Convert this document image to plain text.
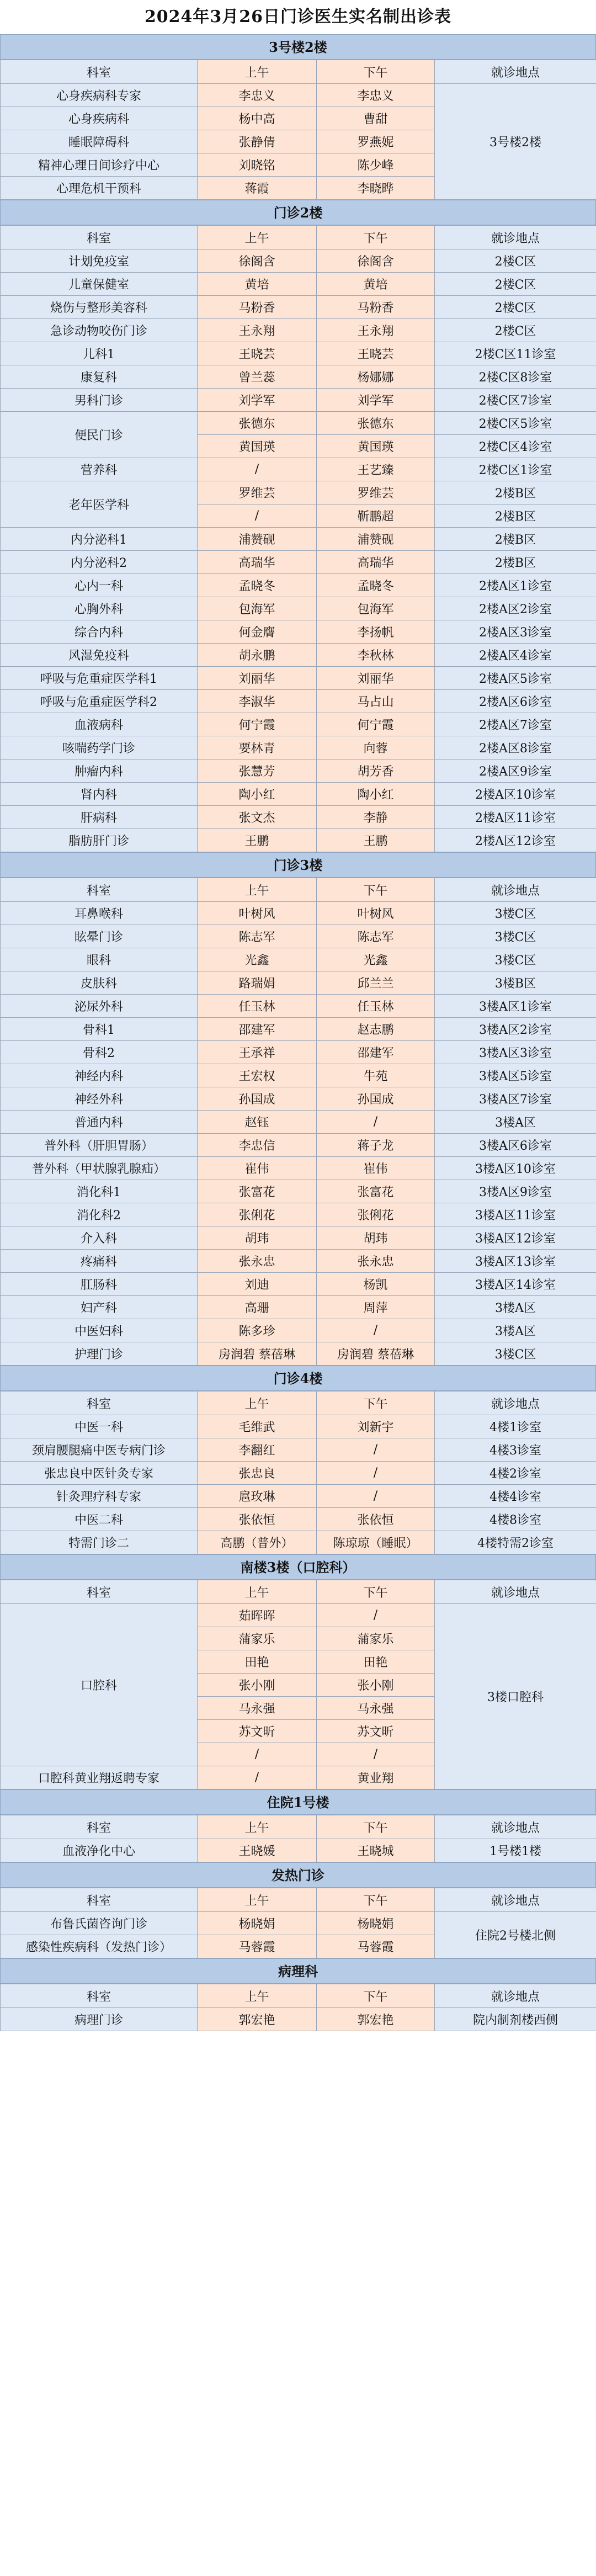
2024年3月26日门诊医生实名制出诊表
3号楼2楼
科室	上午	下午	就诊地点
心身疾病科专家	李忠义	李忠义	3号楼2楼
心身疾病科	杨中高	曹甜	
睡眠障碍科	张静倩	罗燕妮	
精神心理日间诊疗中心	刘晓铭	陈少峰	
心理危机干预科	蒋霞	李晓晔	
门诊2楼
科室	上午	下午	就诊地点
计划免疫室	徐阁含	徐阁含	2楼C区
儿童保健室	黄培	黄培	2楼C区
烧伤与整形美容科	马粉香	马粉香	2楼C区
急诊动物咬伤门诊	王永翔	王永翔	2楼C区
儿科1	王晓芸	王晓芸	2楼C区11诊室
康复科	曾兰蕊	杨娜娜	2楼C区8诊室
男科门诊	刘学军	刘学军	2楼C区7诊室
便民门诊	张德东	张德东	2楼C区5诊室
	黄国瑛	黄国瑛	2楼C区4诊室
营养科	/	王艺臻	2楼C区1诊室
老年医学科	罗维芸	罗维芸	2楼B区
	/	靳鹏超	2楼B区
内分泌科1	浦赞砚	浦赞砚	2楼B区
内分泌科2	高瑞华	高瑞华	2楼B区
心内一科	孟晓冬	孟晓冬	2楼A区1诊室
心胸外科	包海军	包海军	2楼A区2诊室
综合内科	何金膺	李扬帆	2楼A区3诊室
风湿免疫科	胡永鹏	李秋林	2楼A区4诊室
呼吸与危重症医学科1	刘丽华	刘丽华	2楼A区5诊室
呼吸与危重症医学科2	李淑华	马占山	2楼A区6诊室
血液病科	何宁霞	何宁霞	2楼A区7诊室
咳喘药学门诊	要林青	向蓉	2楼A区8诊室
肿瘤内科	张慧芳	胡芳香	2楼A区9诊室
肾内科	陶小红	陶小红	2楼A区10诊室
肝病科	张文杰	李静	2楼A区11诊室
脂肪肝门诊	王鹏	王鹏	2楼A区12诊室
门诊3楼
科室	上午	下午	就诊地点
耳鼻喉科	叶树风	叶树风	3楼C区
眩晕门诊	陈志军	陈志军	3楼C区
眼科	光鑫	光鑫	3楼C区
皮肤科	路瑞娟	邱兰兰	3楼B区
泌尿外科	任玉林	任玉林	3楼A区1诊室
骨科1	邵建军	赵志鹏	3楼A区2诊室
骨科2	王承祥	邵建军	3楼A区3诊室
神经内科	王宏权	牛苑	3楼A区5诊室
神经外科	孙国成	孙国成	3楼A区7诊室
普通内科	赵钰	/	3楼A区
普外科（肝胆胃肠）	李忠信	蒋子龙	3楼A区6诊室
普外科（甲状腺乳腺疝）	崔伟	崔伟	3楼A区10诊室
消化科1	张富花	张富花	3楼A区9诊室
消化科2	张俐花	张俐花	3楼A区11诊室
介入科	胡玮	胡玮	3楼A区12诊室
疼痛科	张永忠	张永忠	3楼A区13诊室
肛肠科	刘迪	杨凯	3楼A区14诊室
妇产科	高珊	周萍	3楼A区
中医妇科	陈多珍	/	3楼A区
护理门诊	房润碧 蔡蓓琳	房润碧 蔡蓓琳	3楼C区
门诊4楼
科室	上午	下午	就诊地点
中医一科	毛维武	刘新宇	4楼1诊室
颈肩腰腿痛中医专病门诊	李翻红	/	4楼3诊室
张忠良中医针灸专家	张忠良	/	4楼2诊室
针灸理疗科专家	扈玫琳	/	4楼4诊室
中医二科	张依恒	张依恒	4楼8诊室
特需门诊二	高鹏（普外）	陈琼琼（睡眠）	4楼特需2诊室
南楼3楼（口腔科）
科室	上午	下午	就诊地点
口腔科	茹晖晖	/	3楼口腔科
	蒲家乐	蒲家乐	
	田艳	田艳	
	张小刚	张小刚	
	马永强	马永强	
	苏文昕	苏文昕	
	/	/	
口腔科黄业翔返聘专家	/	黄业翔	
住院1号楼
科室	上午	下午	就诊地点
血液净化中心	王晓媛	王晓城	1号楼1楼
发热门诊
科室	上午	下午	就诊地点
布鲁氏菌咨询门诊	杨晓娟	杨晓娟	住院2号楼北侧
感染性疾病科（发热门诊）	马蓉霞	马蓉霞	
病理科
科室	上午	下午	就诊地点
病理门诊	郭宏艳	郭宏艳	院内制剂楼西侧
